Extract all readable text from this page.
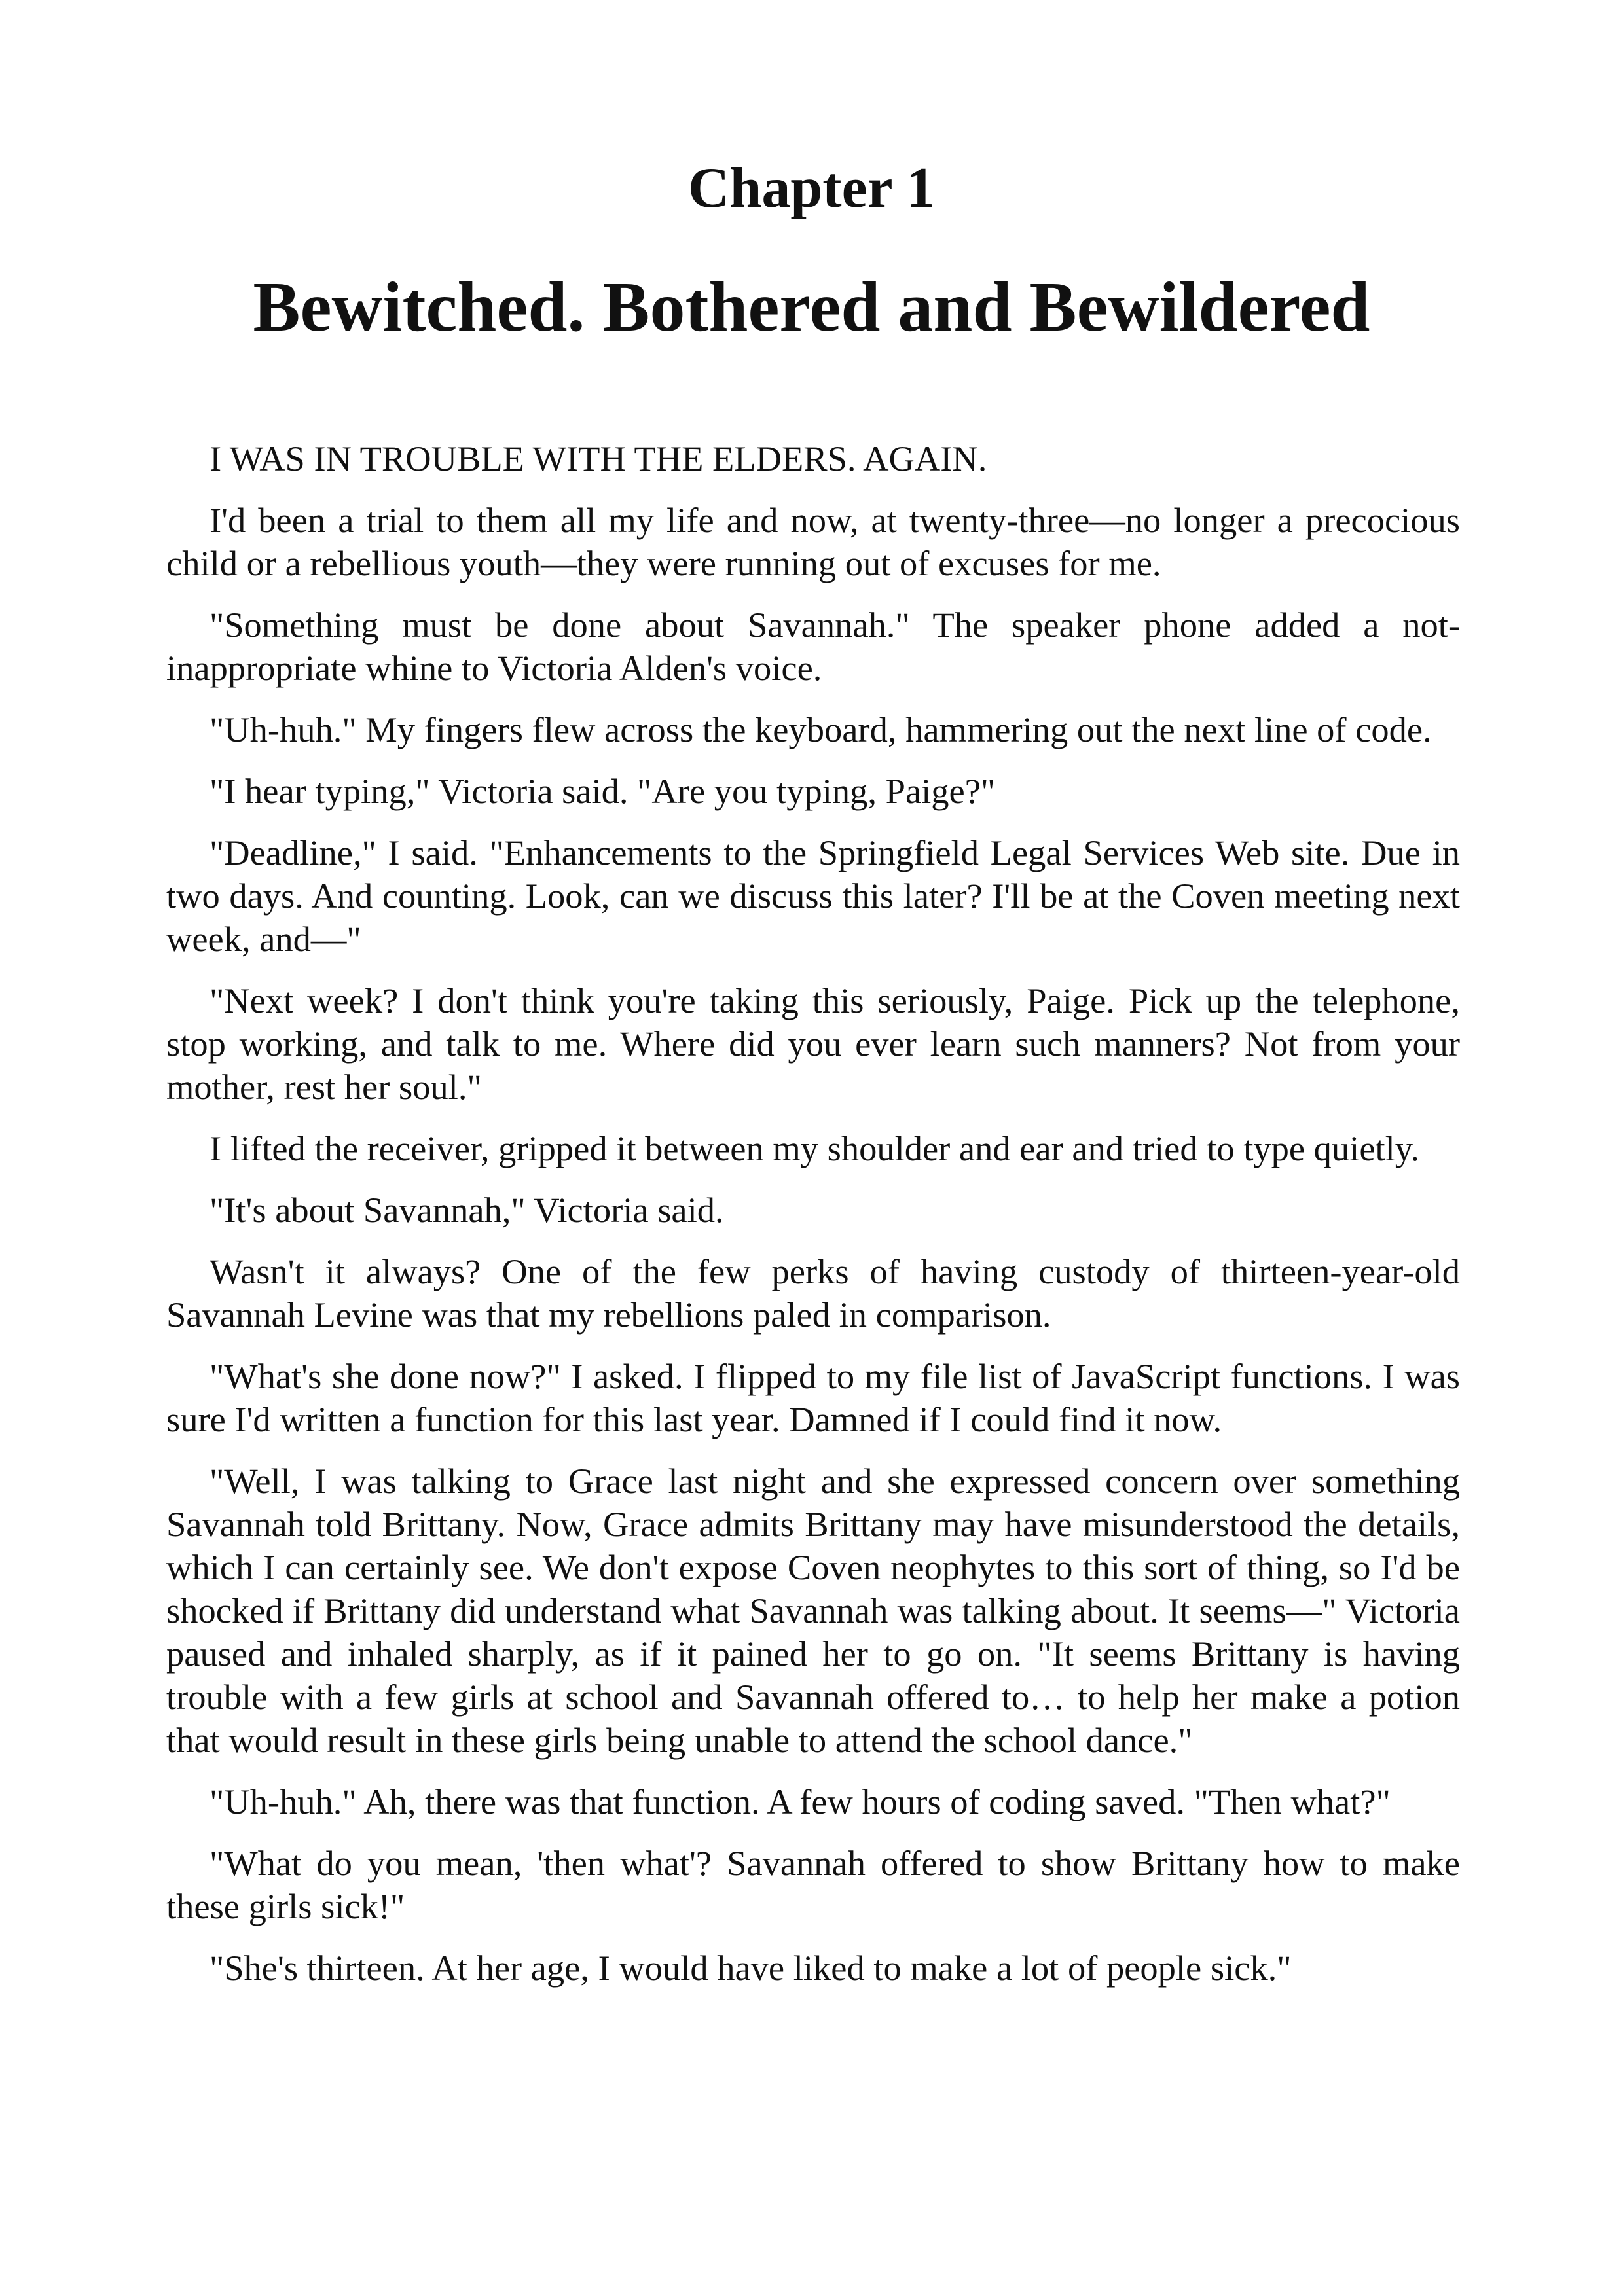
Chapter 1
Bewitched. Bothered and Bewildered

I WAS IN TROUBLE WITH THE ELDERS. AGAIN.

I'd been a trial to them all my life and now, at twenty-three—no longer a precocious child or a rebellious youth—they were running out of excuses for me.

"Something must be done about Savannah." The speaker phone added a not-inappropriate whine to Victoria Alden's voice.

"Uh-huh." My fingers flew across the keyboard, hammering out the next line of code.

"I hear typing," Victoria said. "Are you typing, Paige?"

"Deadline," I said. "Enhancements to the Springfield Legal Services Web site. Due in two days. And counting. Look, can we discuss this later? I'll be at the Coven meeting next week, and—"

"Next week? I don't think you're taking this seriously, Paige. Pick up the telephone, stop working, and talk to me. Where did you ever learn such manners? Not from your mother, rest her soul."

I lifted the receiver, gripped it between my shoulder and ear and tried to type quietly.

"It's about Savannah," Victoria said.

Wasn't it always? One of the few perks of having custody of thirteen-year-old Savannah Levine was that my rebellions paled in comparison.

"What's she done now?" I asked. I flipped to my file list of JavaScript functions. I was sure I'd written a function for this last year. Damned if I could find it now.

"Well, I was talking to Grace last night and she expressed concern over something Savannah told Brittany. Now, Grace admits Brittany may have misunderstood the details, which I can certainly see. We don't expose Coven neophytes to this sort of thing, so I'd be shocked if Brittany did understand what Savannah was talking about. It seems—" Victoria paused and inhaled sharply, as if it pained her to go on. "It seems Brittany is having trouble with a few girls at school and Savannah offered to… to help her make a potion that would result in these girls being unable to attend the school dance."

"Uh-huh." Ah, there was that function. A few hours of coding saved. "Then what?"

"What do you mean, 'then what'? Savannah offered to show Brittany how to make these girls sick!"

"She's thirteen. At her age, I would have liked to make a lot of people sick."
